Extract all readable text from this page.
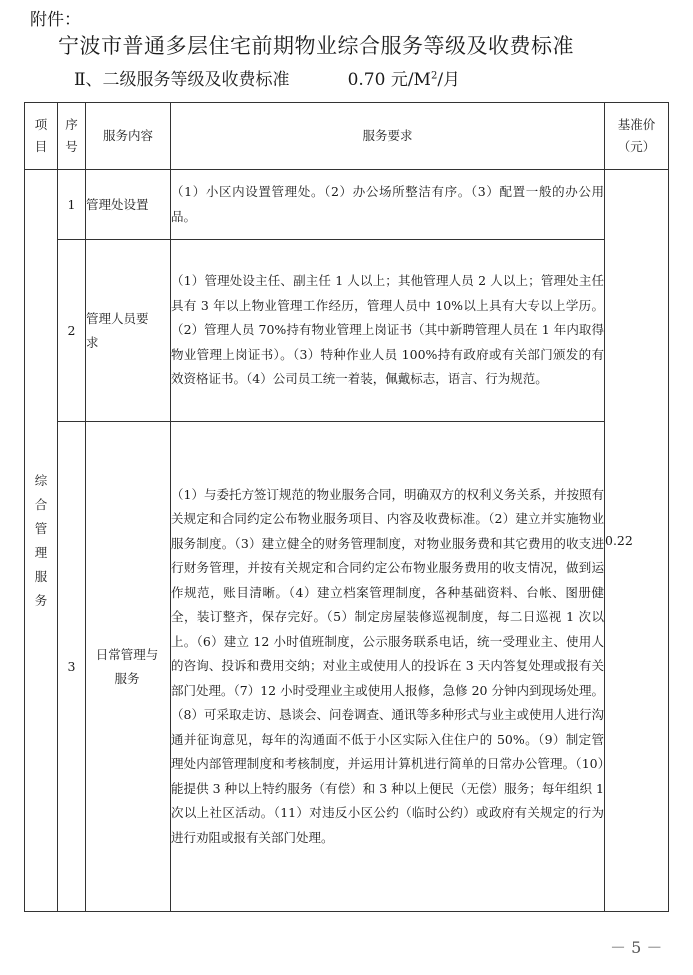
附件：
宁波市普通多层住宅前期物业综合服务等级及收费标准
Ⅱ、二级服务等级及收费标准	0.70 元$/M^2/$月
项目	序号	服务内容	服务要求	基准价（元）
综合管理服务	1	管理处设置	（1）小区内设置管理处。（2）办公场所整洁有序。（3）配置一般的办公用品。	0.22
	2	管理人员要求	（1）管理处设主任、副主任 1 人以上；其他管理人员 2 人以上；管理处主任具有 3 年以上物业管理工作经历，管理人员中 10%以上具有大专以上学历。（2）管理人员 70%持有物业管理上岗证书（其中新聘管理人员在 1 年内取得物业管理上岗证书）。（3）特种作业人员 100%持有政府或有关部门颁发的有效资格证书。（4）公司员工统一着装，佩戴标志，语言、行为规范。	
	3	日常管理与服务	（1）与委托方签订规范的物业服务合同，明确双方的权利义务关系，并按照有关规定和合同约定公布物业服务项目、内容及收费标准。（2）建立并实施物业服务制度。（3）建立健全的财务管理制度，对物业服务费和其它费用的收支进行财务管理，并按有关规定和合同约定公布物业服务费用的收支情况，做到运作规范，账目清晰。（4）建立档案管理制度，各种基础资料、台帐、图册健全，装订整齐，保存完好。（5）制定房屋装修巡视制度，每二日巡视 1 次以上。（6）建立 12 小时值班制度，公示服务联系电话，统一受理业主、使用人的咨询、投诉和费用交纳；对业主或使用人的投诉在 3 天内答复处理或报有关部门处理。（7）12 小时受理业主或使用人报修，急修 20 分钟内到现场处理。（8）可采取走访、恳谈会、问卷调查、通讯等多种形式与业主或使用人进行沟通并征询意见，每年的沟通面不低于小区实际入住住户的 50%。（9）制定管理处内部管理制度和考核制度，并运用计算机进行简单的日常办公管理。（10）能提供 3 种以上特约服务（有偿）和 3 种以上便民（无偿）服务；每年组织 1 次以上社区活动。（11）对违反小区公约（临时公约）或政府有关规定的行为进行劝阻或报有关部门处理。	
－ 5 －
